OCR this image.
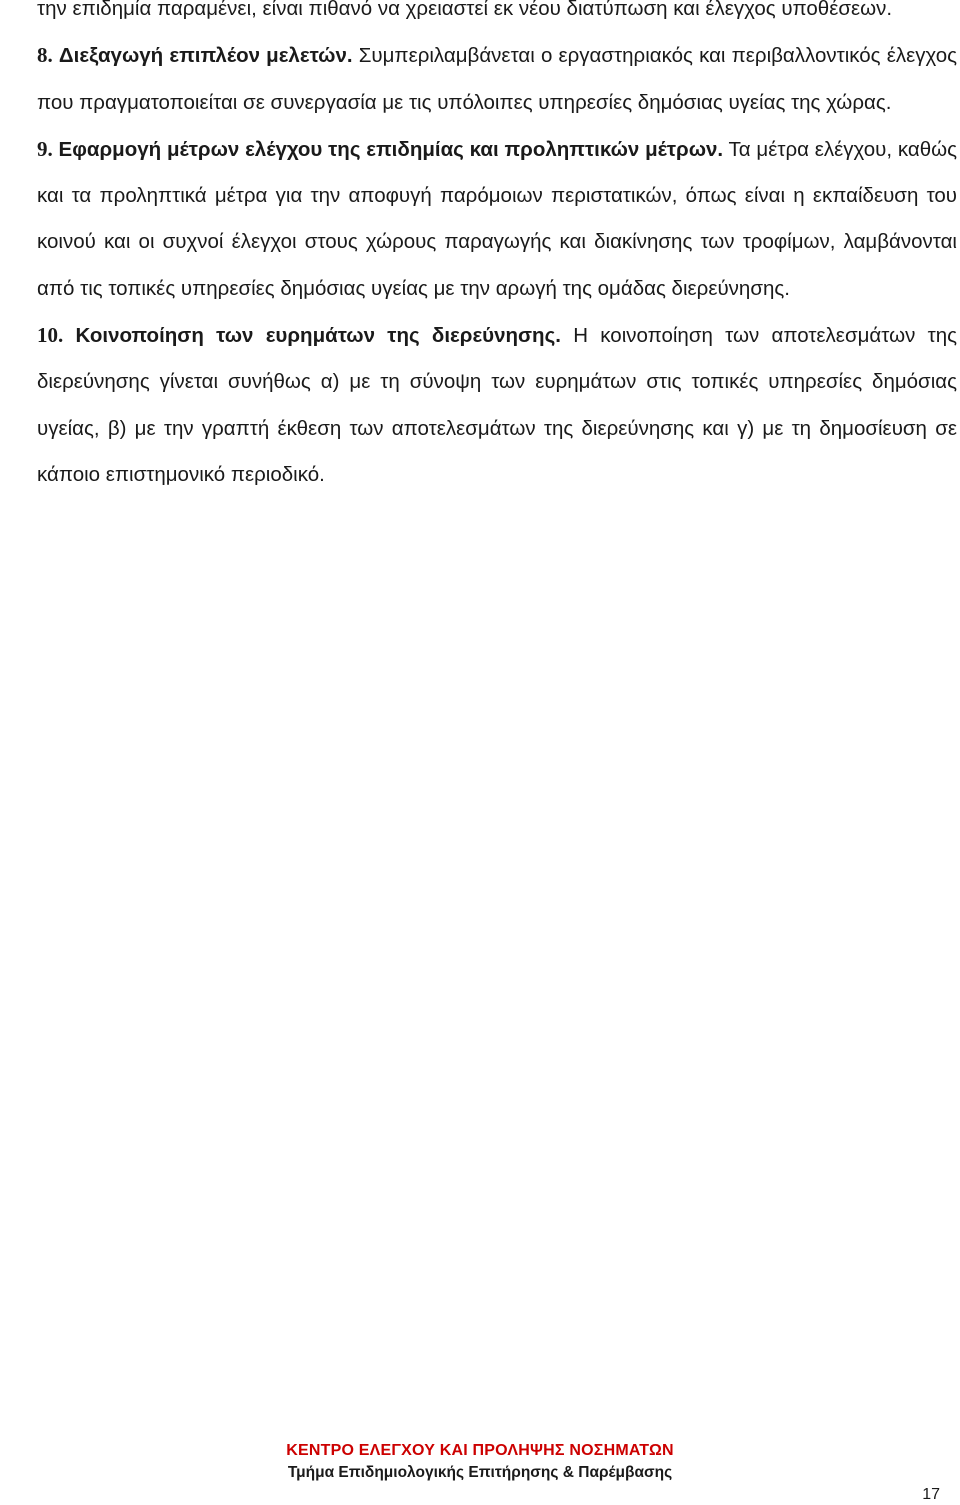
την επιδημία παραμένει, είναι πιθανό να χρειαστεί εκ νέου διατύπωση και έλεγχος υποθέσεων.

8. Διεξαγωγή επιπλέον μελετών. Συμπεριλαμβάνεται ο εργαστηριακός και περιβαλλοντικός έλεγχος που πραγματοποιείται σε συνεργασία με τις υπόλοιπες υπηρεσίες δημόσιας υγείας της χώρας.

9. Εφαρμογή μέτρων ελέγχου της επιδημίας και προληπτικών μέτρων. Τα μέτρα ελέγχου, καθώς και τα προληπτικά μέτρα για την αποφυγή παρόμοιων περιστατικών, όπως είναι η εκπαίδευση του κοινού και οι συχνοί έλεγχοι στους χώρους παραγωγής και διακίνησης των τροφίμων, λαμβάνονται από τις τοπικές υπηρεσίες δημόσιας υγείας με την αρωγή της ομάδας διερεύνησης.

10. Κοινοποίηση των ευρημάτων της διερεύνησης. Η κοινοποίηση των αποτελεσμάτων της διερεύνησης γίνεται συνήθως α) με τη σύνοψη των ευρημάτων στις τοπικές υπηρεσίες δημόσιας υγείας, β) με την γραπτή έκθεση των αποτελεσμάτων της διερεύνησης και γ) με τη δημοσίευση σε κάποιο επιστημονικό περιοδικό.

ΚΕΝΤΡΟ ΕΛΕΓΧΟΥ ΚΑΙ ΠΡΟΛΗΨΗΣ ΝΟΣΗΜΑΤΩΝ
Τμήμα Επιδημιολογικής Επιτήρησης & Παρέμβασης
17
